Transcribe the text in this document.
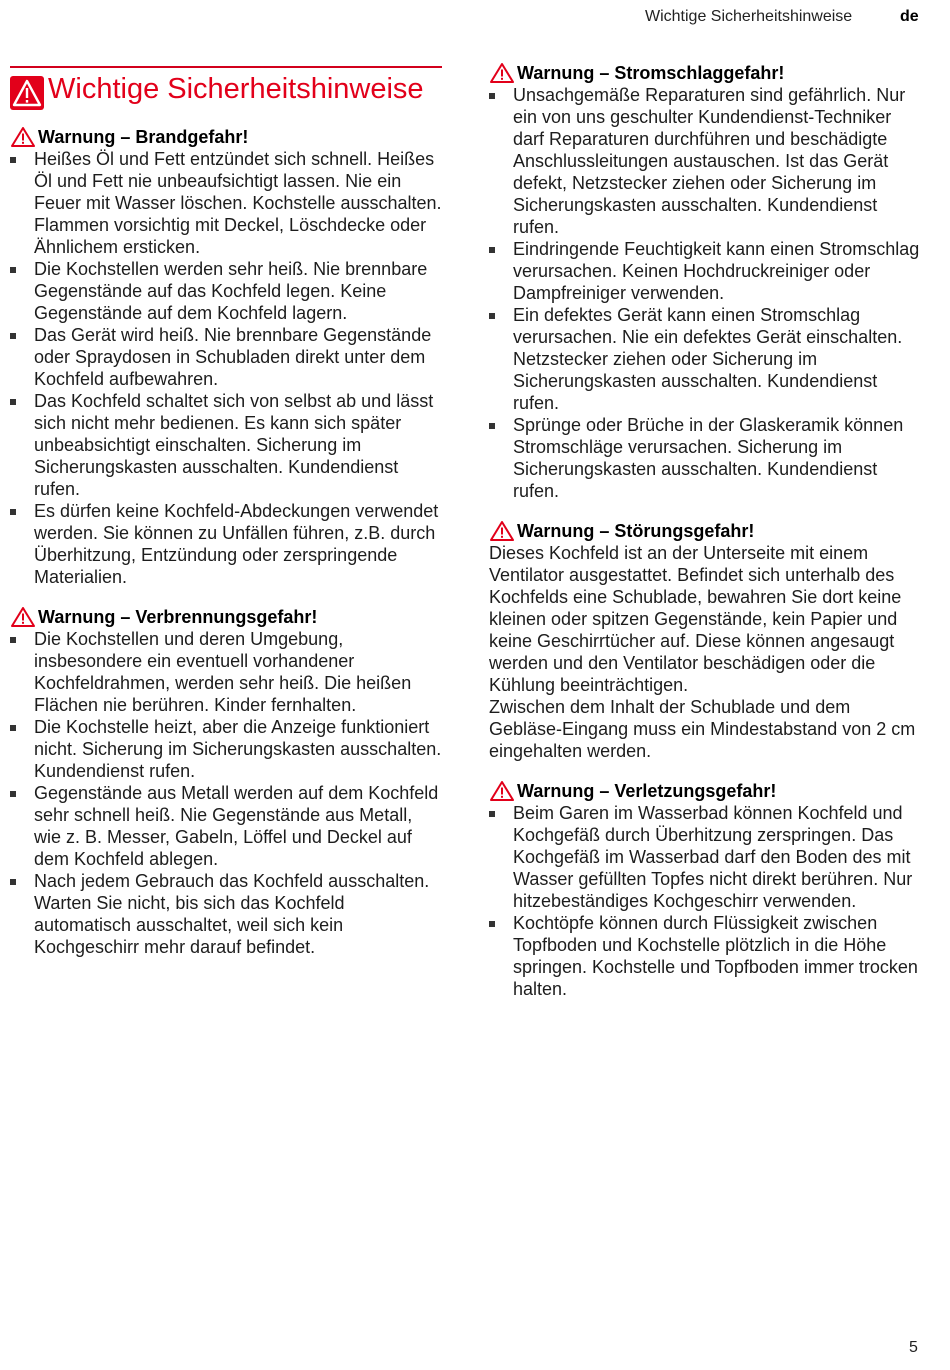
Wichtige Sicherheitshinweise	de
Wichtige Sicherheitshinweise
Warnung – Brandgefahr!
Heißes Öl und Fett entzündet sich schnell. Heißes Öl und Fett nie unbeaufsichtigt lassen. Nie ein Feuer mit Wasser löschen. Kochstelle ausschalten. Flammen vorsichtig mit Deckel, Löschdecke oder Ähnlichem ersticken.
Die Kochstellen werden sehr heiß. Nie brennbare Gegenstände auf das Kochfeld legen. Keine Gegenstände auf dem Kochfeld lagern.
Das Gerät wird heiß. Nie brennbare Gegenstände oder Spraydosen in Schubladen direkt unter dem Kochfeld aufbewahren.
Das Kochfeld schaltet sich von selbst ab und lässt sich nicht mehr bedienen. Es kann sich später unbeabsichtigt einschalten. Sicherung im Sicherungskasten ausschalten. Kundendienst rufen.
Es dürfen keine Kochfeld-Abdeckungen verwendet werden. Sie können zu Unfällen führen, z.B. durch Überhitzung, Entzündung oder zerspringende Materialien.
Warnung – Verbrennungsgefahr!
Die Kochstellen und deren Umgebung, insbesondere ein eventuell vorhandener Kochfeldrahmen, werden sehr heiß. Die heißen Flächen nie berühren. Kinder fernhalten.
Die Kochstelle heizt, aber die Anzeige funktioniert nicht. Sicherung im Sicherungskasten ausschalten. Kundendienst rufen.
Gegenstände aus Metall werden auf dem Kochfeld sehr schnell heiß. Nie Gegenstände aus Metall, wie z. B. Messer, Gabeln, Löffel und Deckel auf dem Kochfeld ablegen.
Nach jedem Gebrauch das Kochfeld ausschalten. Warten Sie nicht, bis sich das Kochfeld automatisch ausschaltet, weil sich kein Kochgeschirr mehr darauf befindet.
Warnung – Stromschlaggefahr!
Unsachgemäße Reparaturen sind gefährlich. Nur ein von uns geschulter Kundendienst-Techniker darf Reparaturen durchführen und beschädigte Anschlussleitungen austauschen. Ist das Gerät defekt, Netzstecker ziehen oder Sicherung im Sicherungskasten ausschalten. Kundendienst rufen.
Eindringende Feuchtigkeit kann einen Stromschlag verursachen. Keinen Hochdruckreiniger oder Dampfreiniger verwenden.
Ein defektes Gerät kann einen Stromschlag verursachen. Nie ein defektes Gerät einschalten. Netzstecker ziehen oder Sicherung im Sicherungskasten ausschalten. Kundendienst rufen.
Sprünge oder Brüche in der Glaskeramik können Stromschläge verursachen. Sicherung im Sicherungskasten ausschalten. Kundendienst rufen.
Warnung – Störungsgefahr!

Dieses Kochfeld ist an der Unterseite mit einem Ventilator ausgestattet. Befindet sich unterhalb des Kochfelds eine Schublade, bewahren Sie dort keine kleinen oder spitzen Gegenstände, kein Papier und keine Geschirrtücher auf. Diese können angesaugt werden und den Ventilator beschädigen oder die Kühlung beeinträchtigen.

Zwischen dem Inhalt der Schublade und dem Gebläse-Eingang muss ein Mindestabstand von 2 cm eingehalten werden.

Warnung – Verletzungsgefahr!
Beim Garen im Wasserbad können Kochfeld und Kochgefäß durch Überhitzung zerspringen. Das Kochgefäß im Wasserbad darf den Boden des mit Wasser gefüllten Topfes nicht direkt berühren. Nur hitzebeständiges Kochgeschirr verwenden.
Kochtöpfe können durch Flüssigkeit zwischen Topfboden und Kochstelle plötzlich in die Höhe springen. Kochstelle und Topfboden immer trocken halten.
5
